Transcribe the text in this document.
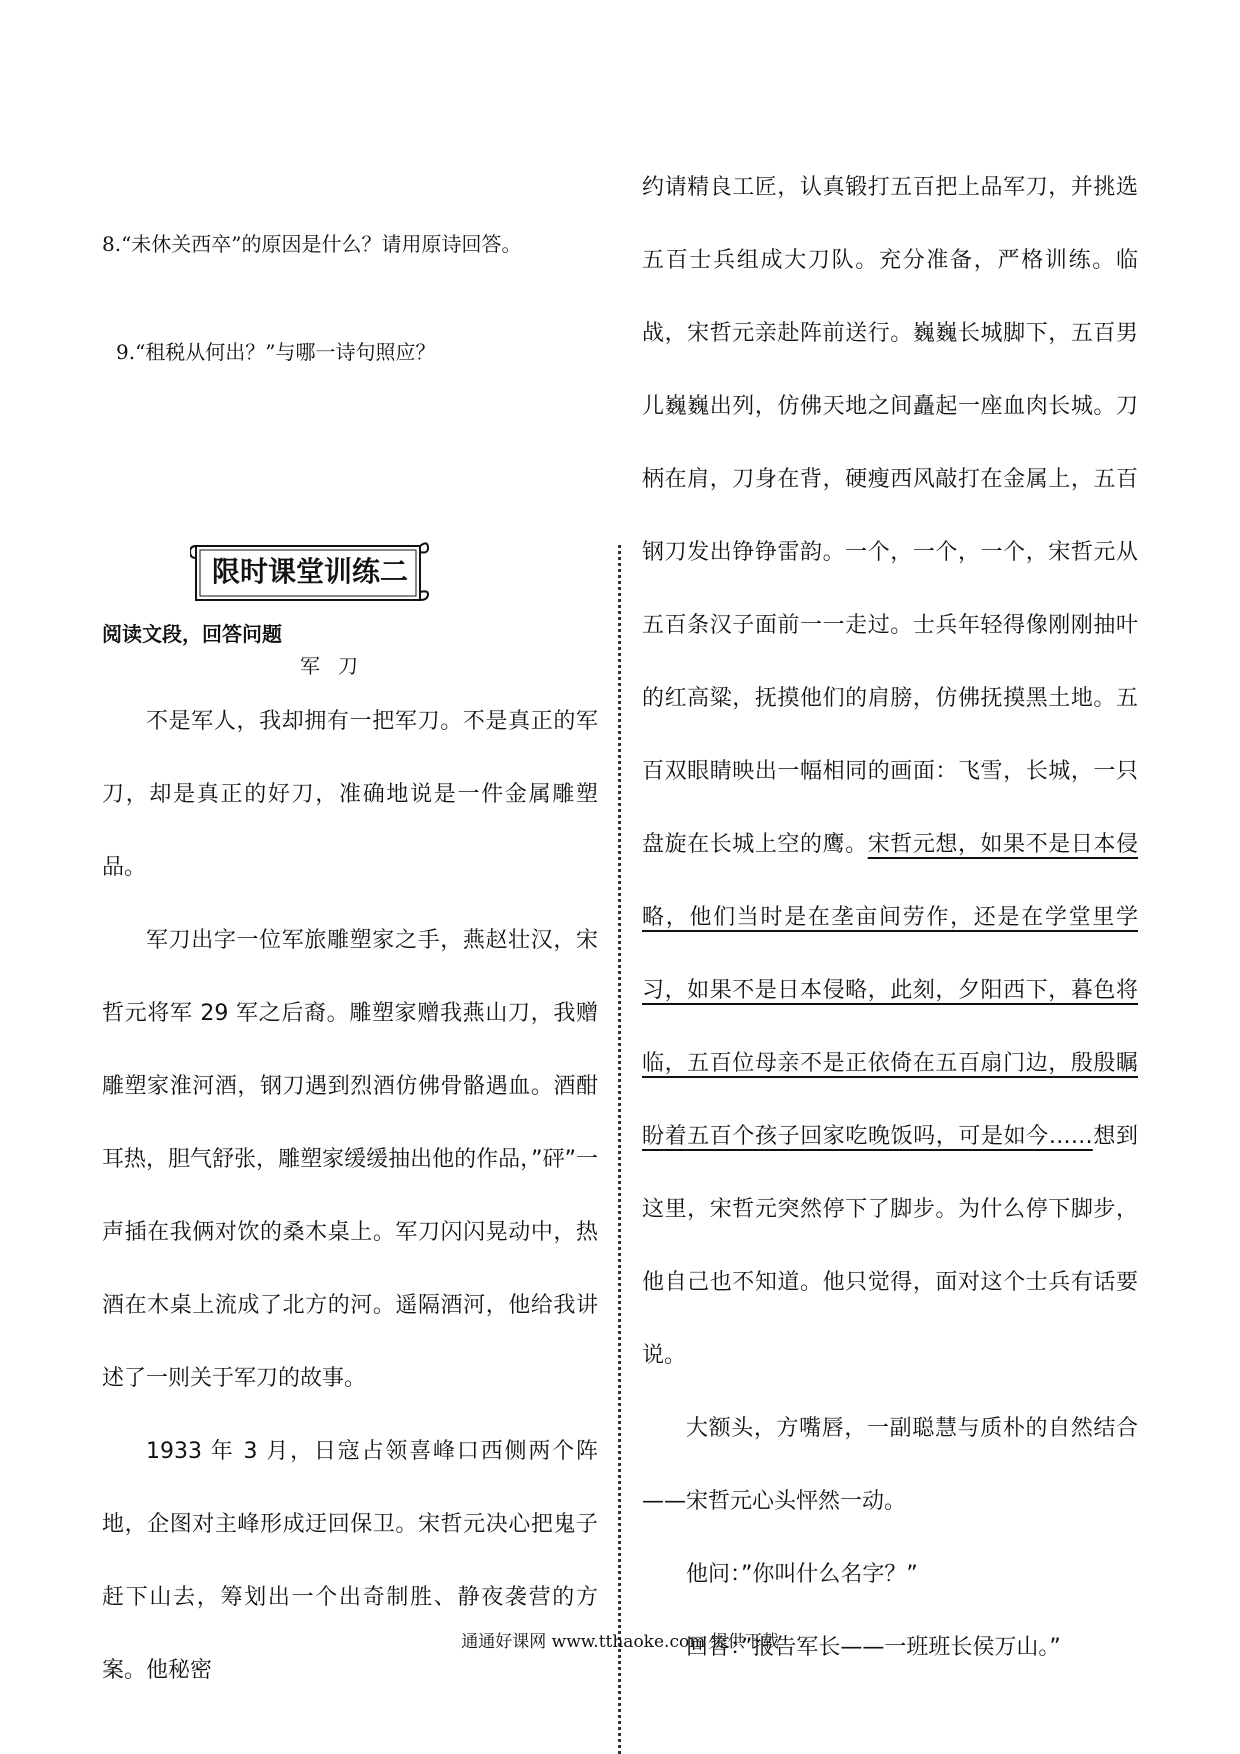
8.“未休关西卒”的原因是什么？请用原诗回答。
9.“租税从何出？”与哪一诗句照应？
限时课堂训练二
阅读文段，回答问题
军刀

不是军人，我却拥有一把军刀。不是真正的军刀，却是真正的好刀，准确地说是一件金属雕塑品。

军刀出字一位军旅雕塑家之手，燕赵壮汉，宋哲元将军 29 军之后裔。雕塑家赠我燕山刀，我赠雕塑家淮河酒，钢刀遇到烈酒仿佛骨骼遇血。酒酣耳热，胆气舒张，雕塑家缓缓抽出他的作品，”砰”一声插在我俩对饮的桑木桌上。军刀闪闪晃动中，热酒在木桌上流成了北方的河。遥隔酒河，他给我讲述了一则关于军刀的故事。

1933 年 3 月，日寇占领喜峰口西侧两个阵地，企图对主峰形成迂回保卫。宋哲元决心把鬼子赶下山去，筹划出一个出奇制胜、静夜袭营的方案。他秘密

约请精良工匠，认真锻打五百把上品军刀，并挑选五百士兵组成大刀队。充分准备，严格训练。临战，宋哲元亲赴阵前送行。巍巍长城脚下，五百男儿巍巍出列，仿佛天地之间矗起一座血肉长城。刀柄在肩，刀身在背，硬瘦西风敲打在金属上，五百钢刀发出铮铮雷韵。一个，一个，一个，宋哲元从五百条汉子面前一一走过。士兵年轻得像刚刚抽叶的红高粱，抚摸他们的肩膀，仿佛抚摸黑土地。五百双眼睛映出一幅相同的画面：飞雪，长城，一只盘旋在长城上空的鹰。宋哲元想，如果不是日本侵略，他们当时是在垄亩间劳作，还是在学堂里学习，如果不是日本侵略，此刻，夕阳西下，暮色将临，五百位母亲不是正依倚在五百扇门边，殷殷瞩盼着五百个孩子回家吃晚饭吗，可是如今……想到这里，宋哲元突然停下了脚步。为什么停下脚步，他自己也不知道。他只觉得，面对这个士兵有话要说。

大额头，方嘴唇，一副聪慧与质朴的自然结合——宋哲元心头怦然一动。

他问：”你叫什么名字？”

回答：”报告军长——一班班长侯万山。”

通通好课网 www.tthaoke.com 提供下载
